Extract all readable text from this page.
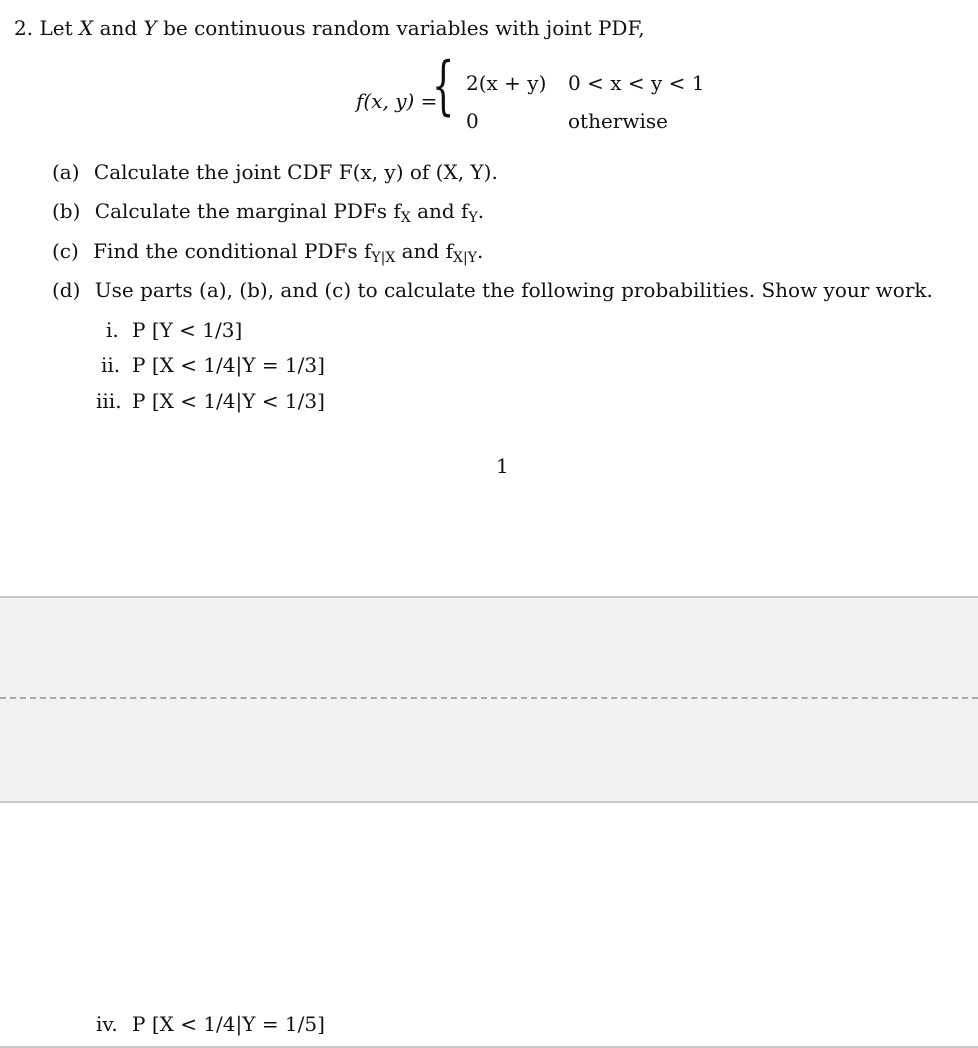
2. Let X and Y be continuous random variables with joint PDF,
f(x, y) =
{ 2(x + y) 0 < x < y < 1
0	otherwise
(a) Calculate the joint CDF F(x, y) of (X, Y).
(b) Calculate the marginal PDFs $f_X$ and $f_Y$.
(c) Find the conditional PDFs $f_{Y|X}$ and $f_{X|Y}$.
(d) Use parts (a), (b), and (c) to calculate the following probabilities. Show your work.
i. P [Y < 1/3]
ii. P [X < 1/4|Y = 1/3]
iii. P [X < 1/4|Y < 1/3]
1
iv. P [X < 1/4|Y = 1/5]
